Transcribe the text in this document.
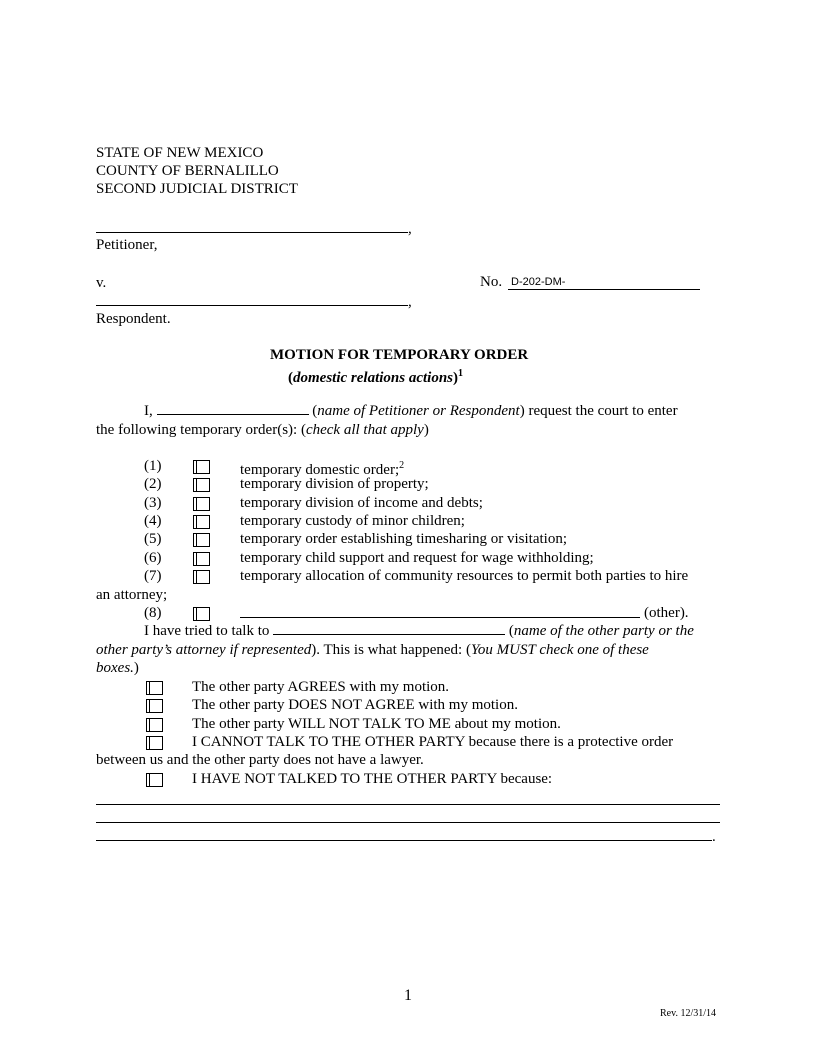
STATE OF NEW MEXICO
COUNTY OF BERNALILLO
SECOND JUDICIAL DISTRICT
,
Petitioner,
v.	No. D-202-DM-
,
Respondent.
MOTION FOR TEMPORARY ORDER
(domestic relations actions)$^1$
I,	(name of Petitioner or Respondent) request the court to enter
the following temporary order(s): (check all that apply)
(1)	temporary domestic order;$^2$
(2)	temporary division of property;
(3)	temporary division of income and debts;
(4)	temporary custody of minor children;
(5)	temporary order establishing timesharing or visitation;
(6)	temporary child support and request for wage withholding;
(7)	temporary allocation of community resources to permit both parties to hire
an attorney;
(8)	(other).
I have tried to talk to	(name of the other party or the
other party’s attorney if represented). This is what happened: (You MUST check one of these
boxes.)
The other party AGREES with my motion.
The other party DOES NOT AGREE with my motion.
The other party WILL NOT TALK TO ME about my motion.
I CANNOT TALK TO THE OTHER PARTY because there is a protective order
between us and the other party does not have a lawyer.
I HAVE NOT TALKED TO THE OTHER PARTY because:
.
1
Rev. 12/31/14
